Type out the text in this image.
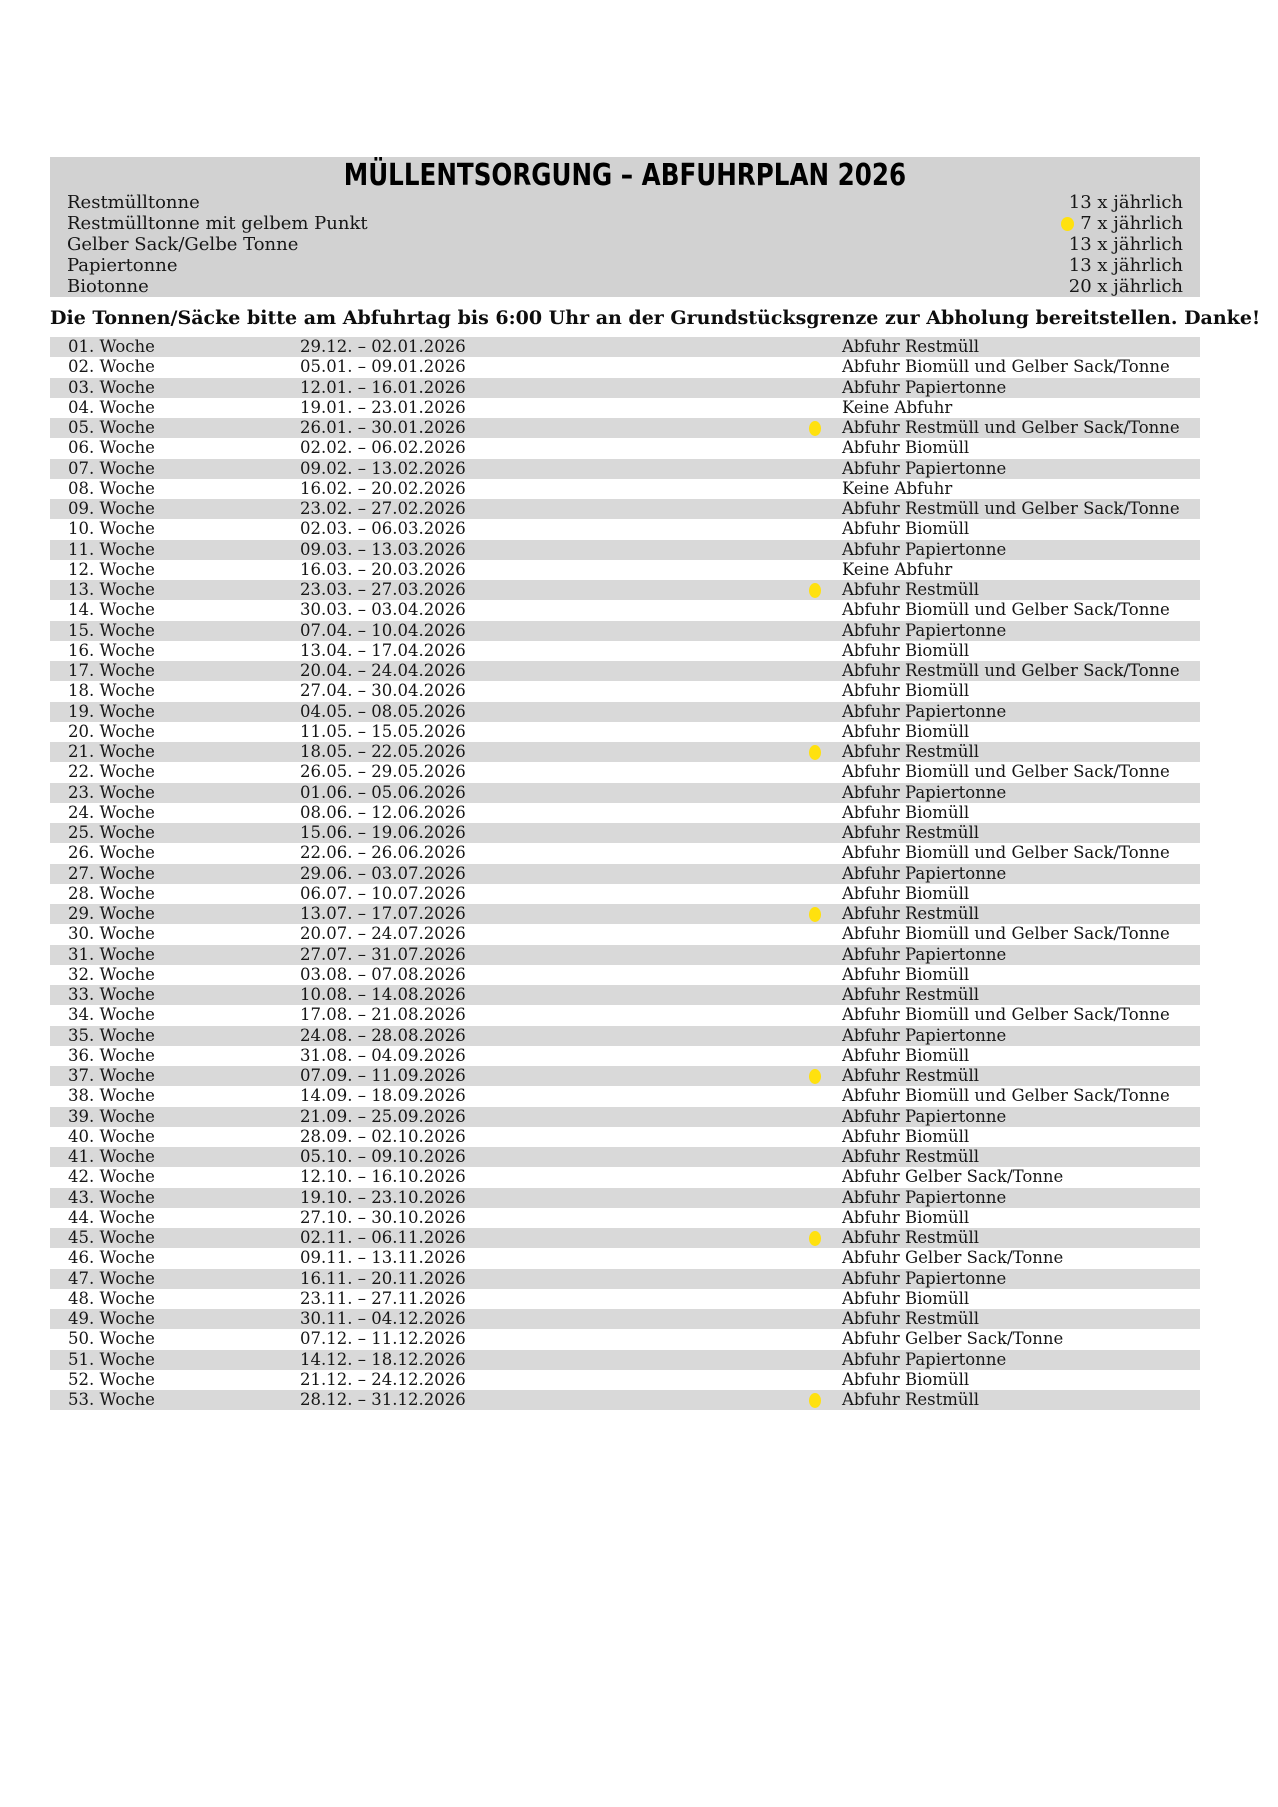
MÜLLENTSORGUNG – ABFUHRPLAN 2026
Restmülltonne	13 x jährlich
Restmülltonne mit gelbem Punkt	7 x jährlich
Gelber Sack/Gelbe Tonne	13 x jährlich
Papiertonne	13 x jährlich
Biotonne	20 x jährlich
Die Tonnen/Säcke bitte am Abfuhrtag bis 6:00 Uhr an der Grundstücksgrenze zur Abholung bereitstellen. Danke!
01. Woche	29.12. – 02.01.2026	Abfuhr Restmüll
02. Woche	05.01. – 09.01.2026	Abfuhr Biomüll und Gelber Sack/Tonne
03. Woche	12.01. – 16.01.2026	Abfuhr Papiertonne
04. Woche	19.01. – 23.01.2026	Keine Abfuhr
05. Woche	26.01. – 30.01.2026	Abfuhr Restmüll und Gelber Sack/Tonne
06. Woche	02.02. – 06.02.2026	Abfuhr Biomüll
07. Woche	09.02. – 13.02.2026	Abfuhr Papiertonne
08. Woche	16.02. – 20.02.2026	Keine Abfuhr
09. Woche	23.02. – 27.02.2026	Abfuhr Restmüll und Gelber Sack/Tonne
10. Woche	02.03. – 06.03.2026	Abfuhr Biomüll
11. Woche	09.03. – 13.03.2026	Abfuhr Papiertonne
12. Woche	16.03. – 20.03.2026	Keine Abfuhr
13. Woche	23.03. – 27.03.2026	Abfuhr Restmüll
14. Woche	30.03. – 03.04.2026	Abfuhr Biomüll und Gelber Sack/Tonne
15. Woche	07.04. – 10.04.2026	Abfuhr Papiertonne
16. Woche	13.04. – 17.04.2026	Abfuhr Biomüll
17. Woche	20.04. – 24.04.2026	Abfuhr Restmüll und Gelber Sack/Tonne
18. Woche	27.04. – 30.04.2026	Abfuhr Biomüll
19. Woche	04.05. – 08.05.2026	Abfuhr Papiertonne
20. Woche	11.05. – 15.05.2026	Abfuhr Biomüll
21. Woche	18.05. – 22.05.2026	Abfuhr Restmüll
22. Woche	26.05. – 29.05.2026	Abfuhr Biomüll und Gelber Sack/Tonne
23. Woche	01.06. – 05.06.2026	Abfuhr Papiertonne
24. Woche	08.06. – 12.06.2026	Abfuhr Biomüll
25. Woche	15.06. – 19.06.2026	Abfuhr Restmüll
26. Woche	22.06. – 26.06.2026	Abfuhr Biomüll und Gelber Sack/Tonne
27. Woche	29.06. – 03.07.2026	Abfuhr Papiertonne
28. Woche	06.07. – 10.07.2026	Abfuhr Biomüll
29. Woche	13.07. – 17.07.2026	Abfuhr Restmüll
30. Woche	20.07. – 24.07.2026	Abfuhr Biomüll und Gelber Sack/Tonne
31. Woche	27.07. – 31.07.2026	Abfuhr Papiertonne
32. Woche	03.08. – 07.08.2026	Abfuhr Biomüll
33. Woche	10.08. – 14.08.2026	Abfuhr Restmüll
34. Woche	17.08. – 21.08.2026	Abfuhr Biomüll und Gelber Sack/Tonne
35. Woche	24.08. – 28.08.2026	Abfuhr Papiertonne
36. Woche	31.08. – 04.09.2026	Abfuhr Biomüll
37. Woche	07.09. – 11.09.2026	Abfuhr Restmüll
38. Woche	14.09. – 18.09.2026	Abfuhr Biomüll und Gelber Sack/Tonne
39. Woche	21.09. – 25.09.2026	Abfuhr Papiertonne
40. Woche	28.09. – 02.10.2026	Abfuhr Biomüll
41. Woche	05.10. – 09.10.2026	Abfuhr Restmüll
42. Woche	12.10. – 16.10.2026	Abfuhr Gelber Sack/Tonne
43. Woche	19.10. – 23.10.2026	Abfuhr Papiertonne
44. Woche	27.10. – 30.10.2026	Abfuhr Biomüll
45. Woche	02.11. – 06.11.2026	Abfuhr Restmüll
46. Woche	09.11. – 13.11.2026	Abfuhr Gelber Sack/Tonne
47. Woche	16.11. – 20.11.2026	Abfuhr Papiertonne
48. Woche	23.11. – 27.11.2026	Abfuhr Biomüll
49. Woche	30.11. – 04.12.2026	Abfuhr Restmüll
50. Woche	07.12. – 11.12.2026	Abfuhr Gelber Sack/Tonne
51. Woche	14.12. – 18.12.2026	Abfuhr Papiertonne
52. Woche	21.12. – 24.12.2026	Abfuhr Biomüll
53. Woche	28.12. – 31.12.2026	Abfuhr Restmüll
